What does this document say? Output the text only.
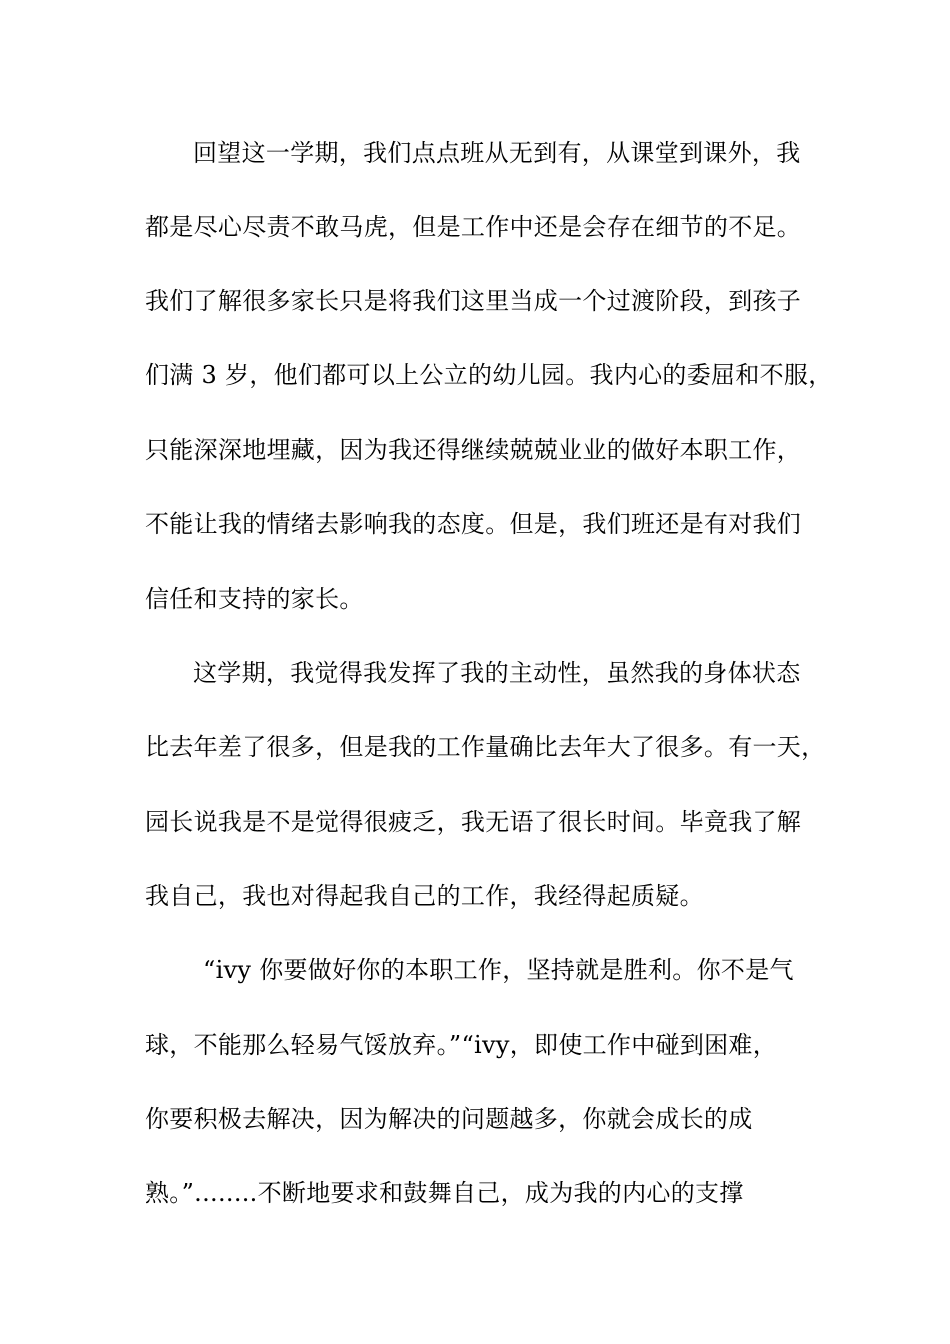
回望这一学期，我们点点班从无到有，从课堂到课外，我
都是尽心尽责不敢马虎，但是工作中还是会存在细节的不足。
我们了解很多家长只是将我们这里当成一个过渡阶段，到孩子
们满 3 岁，他们都可以上公立的幼儿园。我内心的委屈和不服，
只能深深地埋藏，因为我还得继续兢兢业业的做好本职工作，
不能让我的情绪去影响我的态度。但是，我们班还是有对我们
信任和支持的家长。
这学期，我觉得我发挥了我的主动性，虽然我的身体状态
比去年差了很多，但是我的工作量确比去年大了很多。有一天，
园长说我是不是觉得很疲乏，我无语了很长时间。毕竟我了解
我自己，我也对得起我自己的工作，我经得起质疑。
“ivy 你要做好你的本职工作，坚持就是胜利。你不是气
球，不能那么轻易气馁放弃。”“ivy，即使工作中碰到困难，
你要积极去解决，因为解决的问题越多，你就会成长的成
熟。”........不断地要求和鼓舞自己，成为我的内心的支撑
